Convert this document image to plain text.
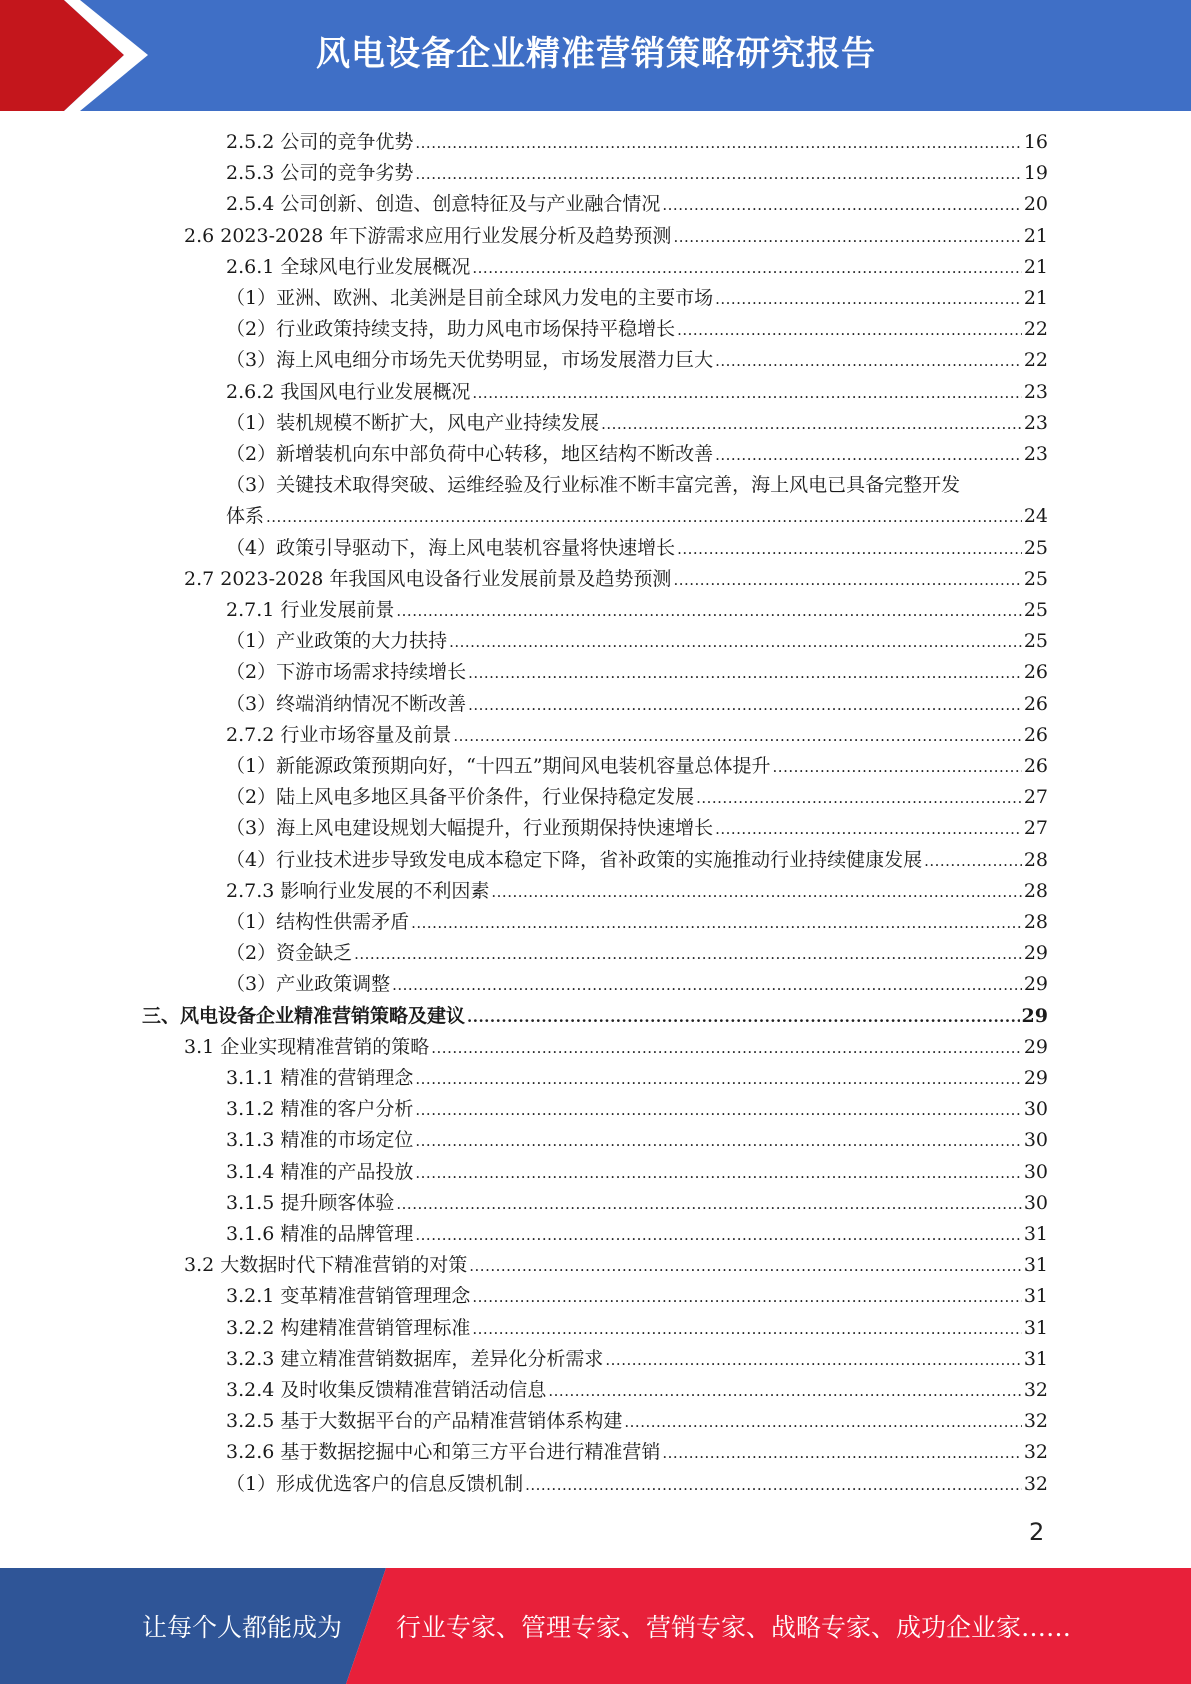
风电设备企业精准营销策略研究报告
2.5.2 公司的竞争优势 .....	16
2.5.3 公司的竞争劣势 .....	19
2.5.4 公司创新、创造、创意特征及与产业融合情况 .....	20
2.6 2023-2028 年下游需求应用行业发展分析及趋势预测 .....	21
2.6.1 全球风电行业发展概况 .....	21
（1）亚洲、欧洲、北美洲是目前全球风力发电的主要市场 .....	21
（2）行业政策持续支持，助力风电市场保持平稳增长 .....	22
（3）海上风电细分市场先天优势明显，市场发展潜力巨大 .....	22
2.6.2 我国风电行业发展概况 .....	23
（1）装机规模不断扩大，风电产业持续发展 .....	23
（2）新增装机向东中部负荷中心转移，地区结构不断改善 .....	23
（3）关键技术取得突破、运维经验及行业标准不断丰富完善，海上风电已具备完整开发
体系 .....	24
（4）政策引导驱动下，海上风电装机容量将快速增长 .....	25
2.7 2023-2028 年我国风电设备行业发展前景及趋势预测 .....	25
2.7.1 行业发展前景 .....	25
（1）产业政策的大力扶持 .....	25
（2）下游市场需求持续增长 .....	26
（3）终端消纳情况不断改善 .....	26
2.7.2 行业市场容量及前景 .....	26
（1）新能源政策预期向好，“十四五”期间风电装机容量总体提升 .....	26
（2）陆上风电多地区具备平价条件，行业保持稳定发展 .....	27
（3）海上风电建设规划大幅提升，行业预期保持快速增长 .....	27
（4）行业技术进步导致发电成本稳定下降，省补政策的实施推动行业持续健康发展 .....	28
2.7.3 影响行业发展的不利因素 .....	28
（1）结构性供需矛盾 .....	28
（2）资金缺乏 .....	29
（3）产业政策调整 .....	29
三、风电设备企业精准营销策略及建议 .....	29
3.1 企业实现精准营销的策略 .....	29
3.1.1 精准的营销理念 .....	29
3.1.2 精准的客户分析 .....	30
3.1.3 精准的市场定位 .....	30
3.1.4 精准的产品投放 .....	30
3.1.5 提升顾客体验 .....	30
3.1.6 精准的品牌管理 .....	31
3.2 大数据时代下精准营销的对策 .....	31
3.2.1 变革精准营销管理理念 .....	31
3.2.2 构建精准营销管理标准 .....	31
3.2.3 建立精准营销数据库，差异化分析需求 .....	31
3.2.4 及时收集反馈精准营销活动信息 .....	32
3.2.5 基于大数据平台的产品精准营销体系构建 .....	32
3.2.6 基于数据挖掘中心和第三方平台进行精准营销 .....	32
（1）形成优选客户的信息反馈机制 .....	32
2
让每个人都能成为 行业专家、管理专家、营销专家、战略专家、成功企业家……
